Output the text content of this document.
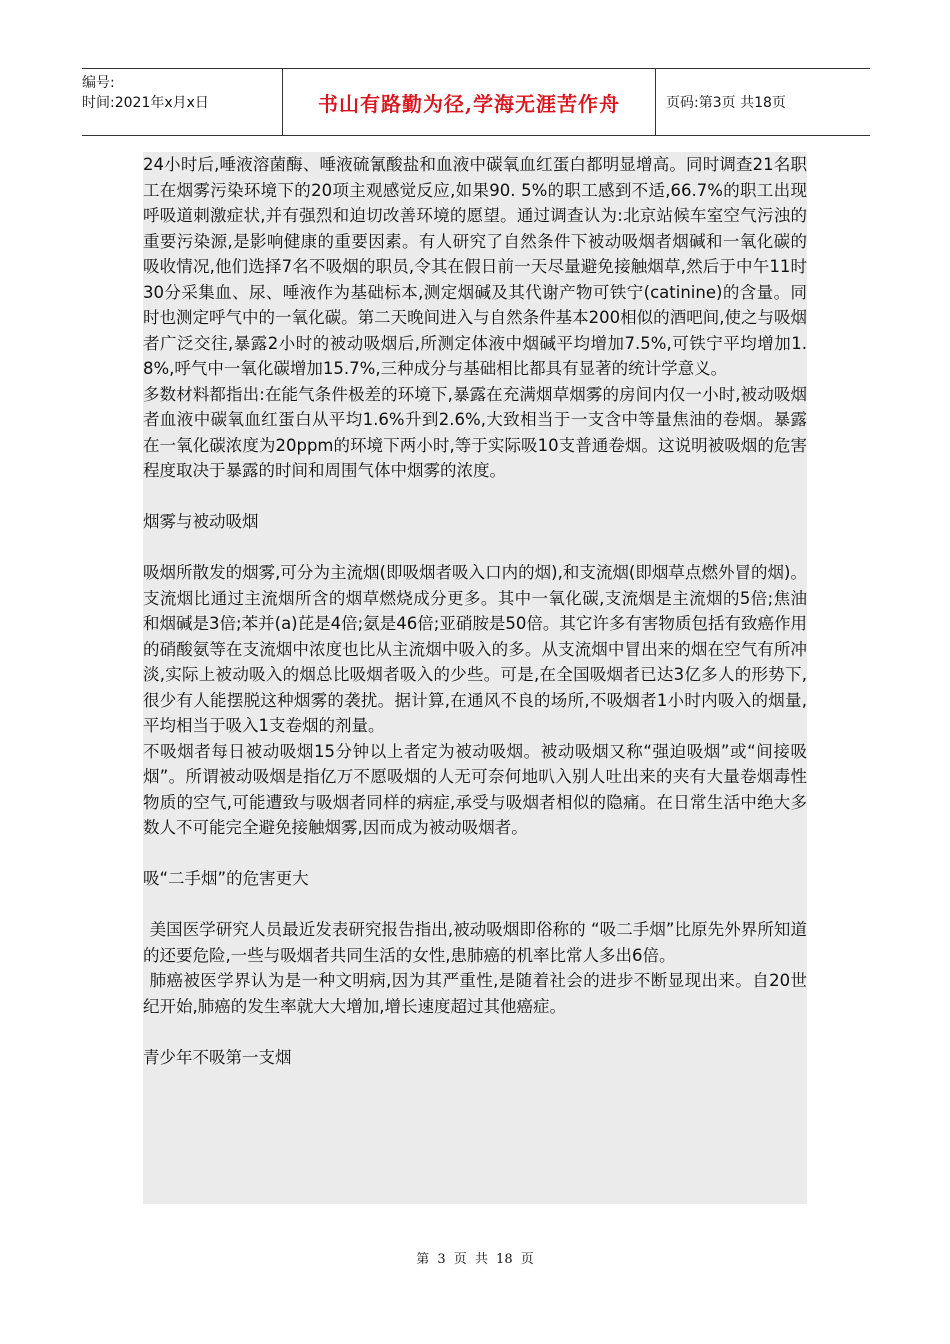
编号:
时间:2021年x月x日	书山有路勤为径,学海无涯苦作舟	页码:第3页 共18页

24小时后,唾液溶菌酶、唾液硫氰酸盐和血液中碳氧血红蛋白都明显增高。同时调查21名职工在烟雾污染环境下的20项主观感觉反应,如果90. 5%的职工感到不适,66.7%的职工出现呼吸道刺激症状,并有强烈和迫切改善环境的愿望。通过调查认为:北京站候车室空气污浊的重要污染源,是影响健康的重要因素。有人研究了自然条件下被动吸烟者烟碱和一氧化碳的吸收情况,他们选择7名不吸烟的职员,令其在假日前一天尽量避免接触烟草,然后于中午11时30分采集血、尿、唾液作为基础标本,测定烟碱及其代谢产物可铁宁(catinine)的含量。同时也测定呼气中的一氧化碳。第二天晚间进入与自然条件基本200相似的酒吧间,使之与吸烟者广泛交往,暴露2小时的被动吸烟后,所测定体液中烟碱平均增加7.5%,可铁宁平均增加1.8%,呼气中一氧化碳增加15.7%,三种成分与基础相比都具有显著的统计学意义。

多数材料都指出:在能气条件极差的环境下,暴露在充满烟草烟雾的房间内仅一小时,被动吸烟者血液中碳氧血红蛋白从平均1.6%升到2.6%,大致相当于一支含中等量焦油的卷烟。暴露在一氧化碳浓度为20ppm的环境下两小时,等于实际吸10支普通卷烟。这说明被吸烟的危害程度取决于暴露的时间和周围气体中烟雾的浓度。

烟雾与被动吸烟

吸烟所散发的烟雾,可分为主流烟(即吸烟者吸入口内的烟),和支流烟(即烟草点燃外冒的烟)。支流烟比通过主流烟所含的烟草燃烧成分更多。其中一氧化碳,支流烟是主流烟的5倍;焦油和烟碱是3倍;苯并(a)芘是4倍;氨是46倍;亚硝胺是50倍。其它许多有害物质包括有致癌作用的硝酸氨等在支流烟中浓度也比从主流烟中吸入的多。从支流烟中冒出来的烟在空气有所冲淡,实际上被动吸入的烟总比吸烟者吸入的少些。可是,在全国吸烟者已达3亿多人的形势下,很少有人能摆脱这种烟雾的袭扰。据计算,在通风不良的场所,不吸烟者1小时内吸入的烟量,平均相当于吸入1支卷烟的剂量。

不吸烟者每日被动吸烟15分钟以上者定为被动吸烟。被动吸烟又称“强迫吸烟”或“间接吸烟”。所谓被动吸烟是指亿万不愿吸烟的人无可奈何地叭入别人吐出来的夹有大量卷烟毒性物质的空气,可能遭致与吸烟者同样的病症,承受与吸烟者相似的隐痛。在日常生活中绝大多数人不可能完全避免接触烟雾,因而成为被动吸烟者。

吸“二手烟”的危害更大

美国医学研究人员最近发表研究报告指出,被动吸烟即俗称的 “吸二手烟”比原先外界所知道的还要危险,一些与吸烟者共同生活的女性,患肺癌的机率比常人多出6倍。

肺癌被医学界认为是一种文明病,因为其严重性,是随着社会的进步不断显现出来。自20世纪开始,肺癌的发生率就大大增加,增长速度超过其他癌症。

青少年不吸第一支烟

第 3 页 共 18 页
